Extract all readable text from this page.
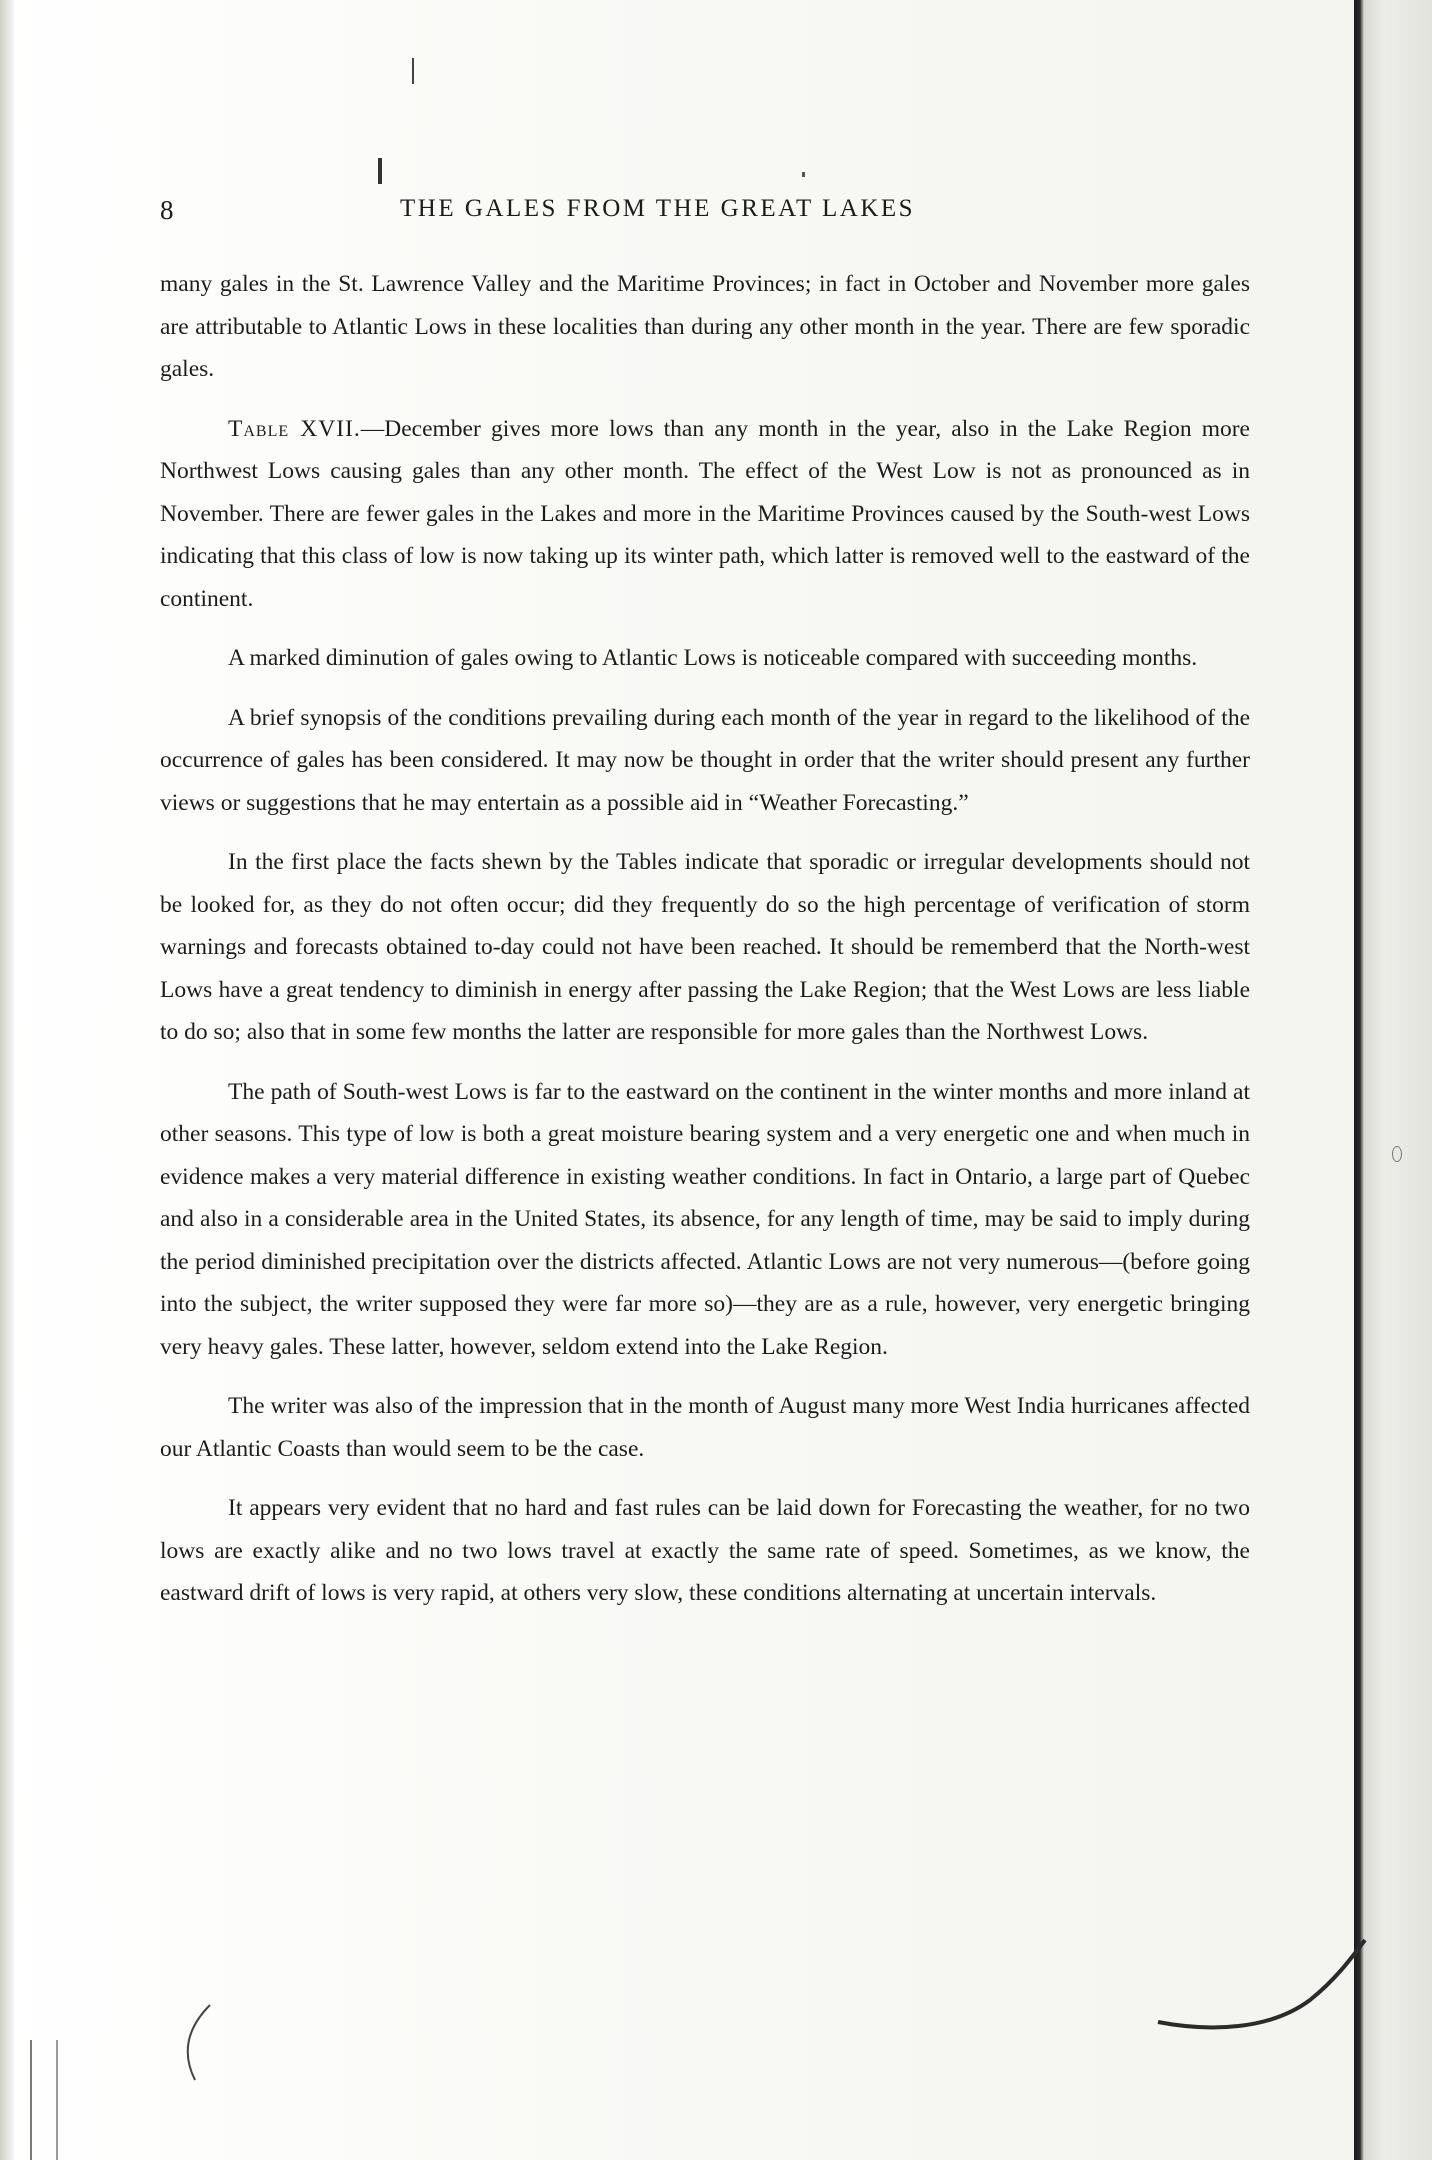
8	THE GALES FROM THE GREAT LAKES

many gales in the St. Lawrence Valley and the Maritime Provinces; in fact in October and November more gales are attributable to Atlantic Lows in these localities than during any other month in the year. There are few sporadic gales.

Table XVII.—December gives more lows than any month in the year, also in the Lake Region more Northwest Lows causing gales than any other month. The effect of the West Low is not as pronounced as in November. There are fewer gales in the Lakes and more in the Maritime Provinces caused by the South-west Lows indicating that this class of low is now taking up its winter path, which latter is removed well to the eastward of the continent.

A marked diminution of gales owing to Atlantic Lows is noticeable compared with succeeding months.

A brief synopsis of the conditions prevailing during each month of the year in regard to the likelihood of the occurrence of gales has been considered. It may now be thought in order that the writer should present any further views or suggestions that he may entertain as a possible aid in “Weather Forecasting.”

In the first place the facts shewn by the Tables indicate that sporadic or irregular developments should not be looked for, as they do not often occur; did they frequently do so the high percentage of verification of storm warnings and forecasts obtained to-day could not have been reached. It should be rememberd that the North-west Lows have a great tendency to diminish in energy after passing the Lake Region; that the West Lows are less liable to do so; also that in some few months the latter are responsible for more gales than the Northwest Lows.

The path of South-west Lows is far to the eastward on the continent in the winter months and more inland at other seasons. This type of low is both a great moisture bearing system and a very energetic one and when much in evidence makes a very material difference in existing weather conditions. In fact in Ontario, a large part of Quebec and also in a considerable area in the United States, its absence, for any length of time, may be said to imply during the period diminished precipitation over the districts affected. Atlantic Lows are not very numerous—(before going into the subject, the writer supposed they were far more so)—they are as a rule, however, very energetic bringing very heavy gales. These latter, however, seldom extend into the Lake Region.

The writer was also of the impression that in the month of August many more West India hurricanes affected our Atlantic Coasts than would seem to be the case.

It appears very evident that no hard and fast rules can be laid down for Forecasting the weather, for no two lows are exactly alike and no two lows travel at exactly the same rate of speed. Sometimes, as we know, the eastward drift of lows is very rapid, at others very slow, these conditions alternating at uncertain intervals.
